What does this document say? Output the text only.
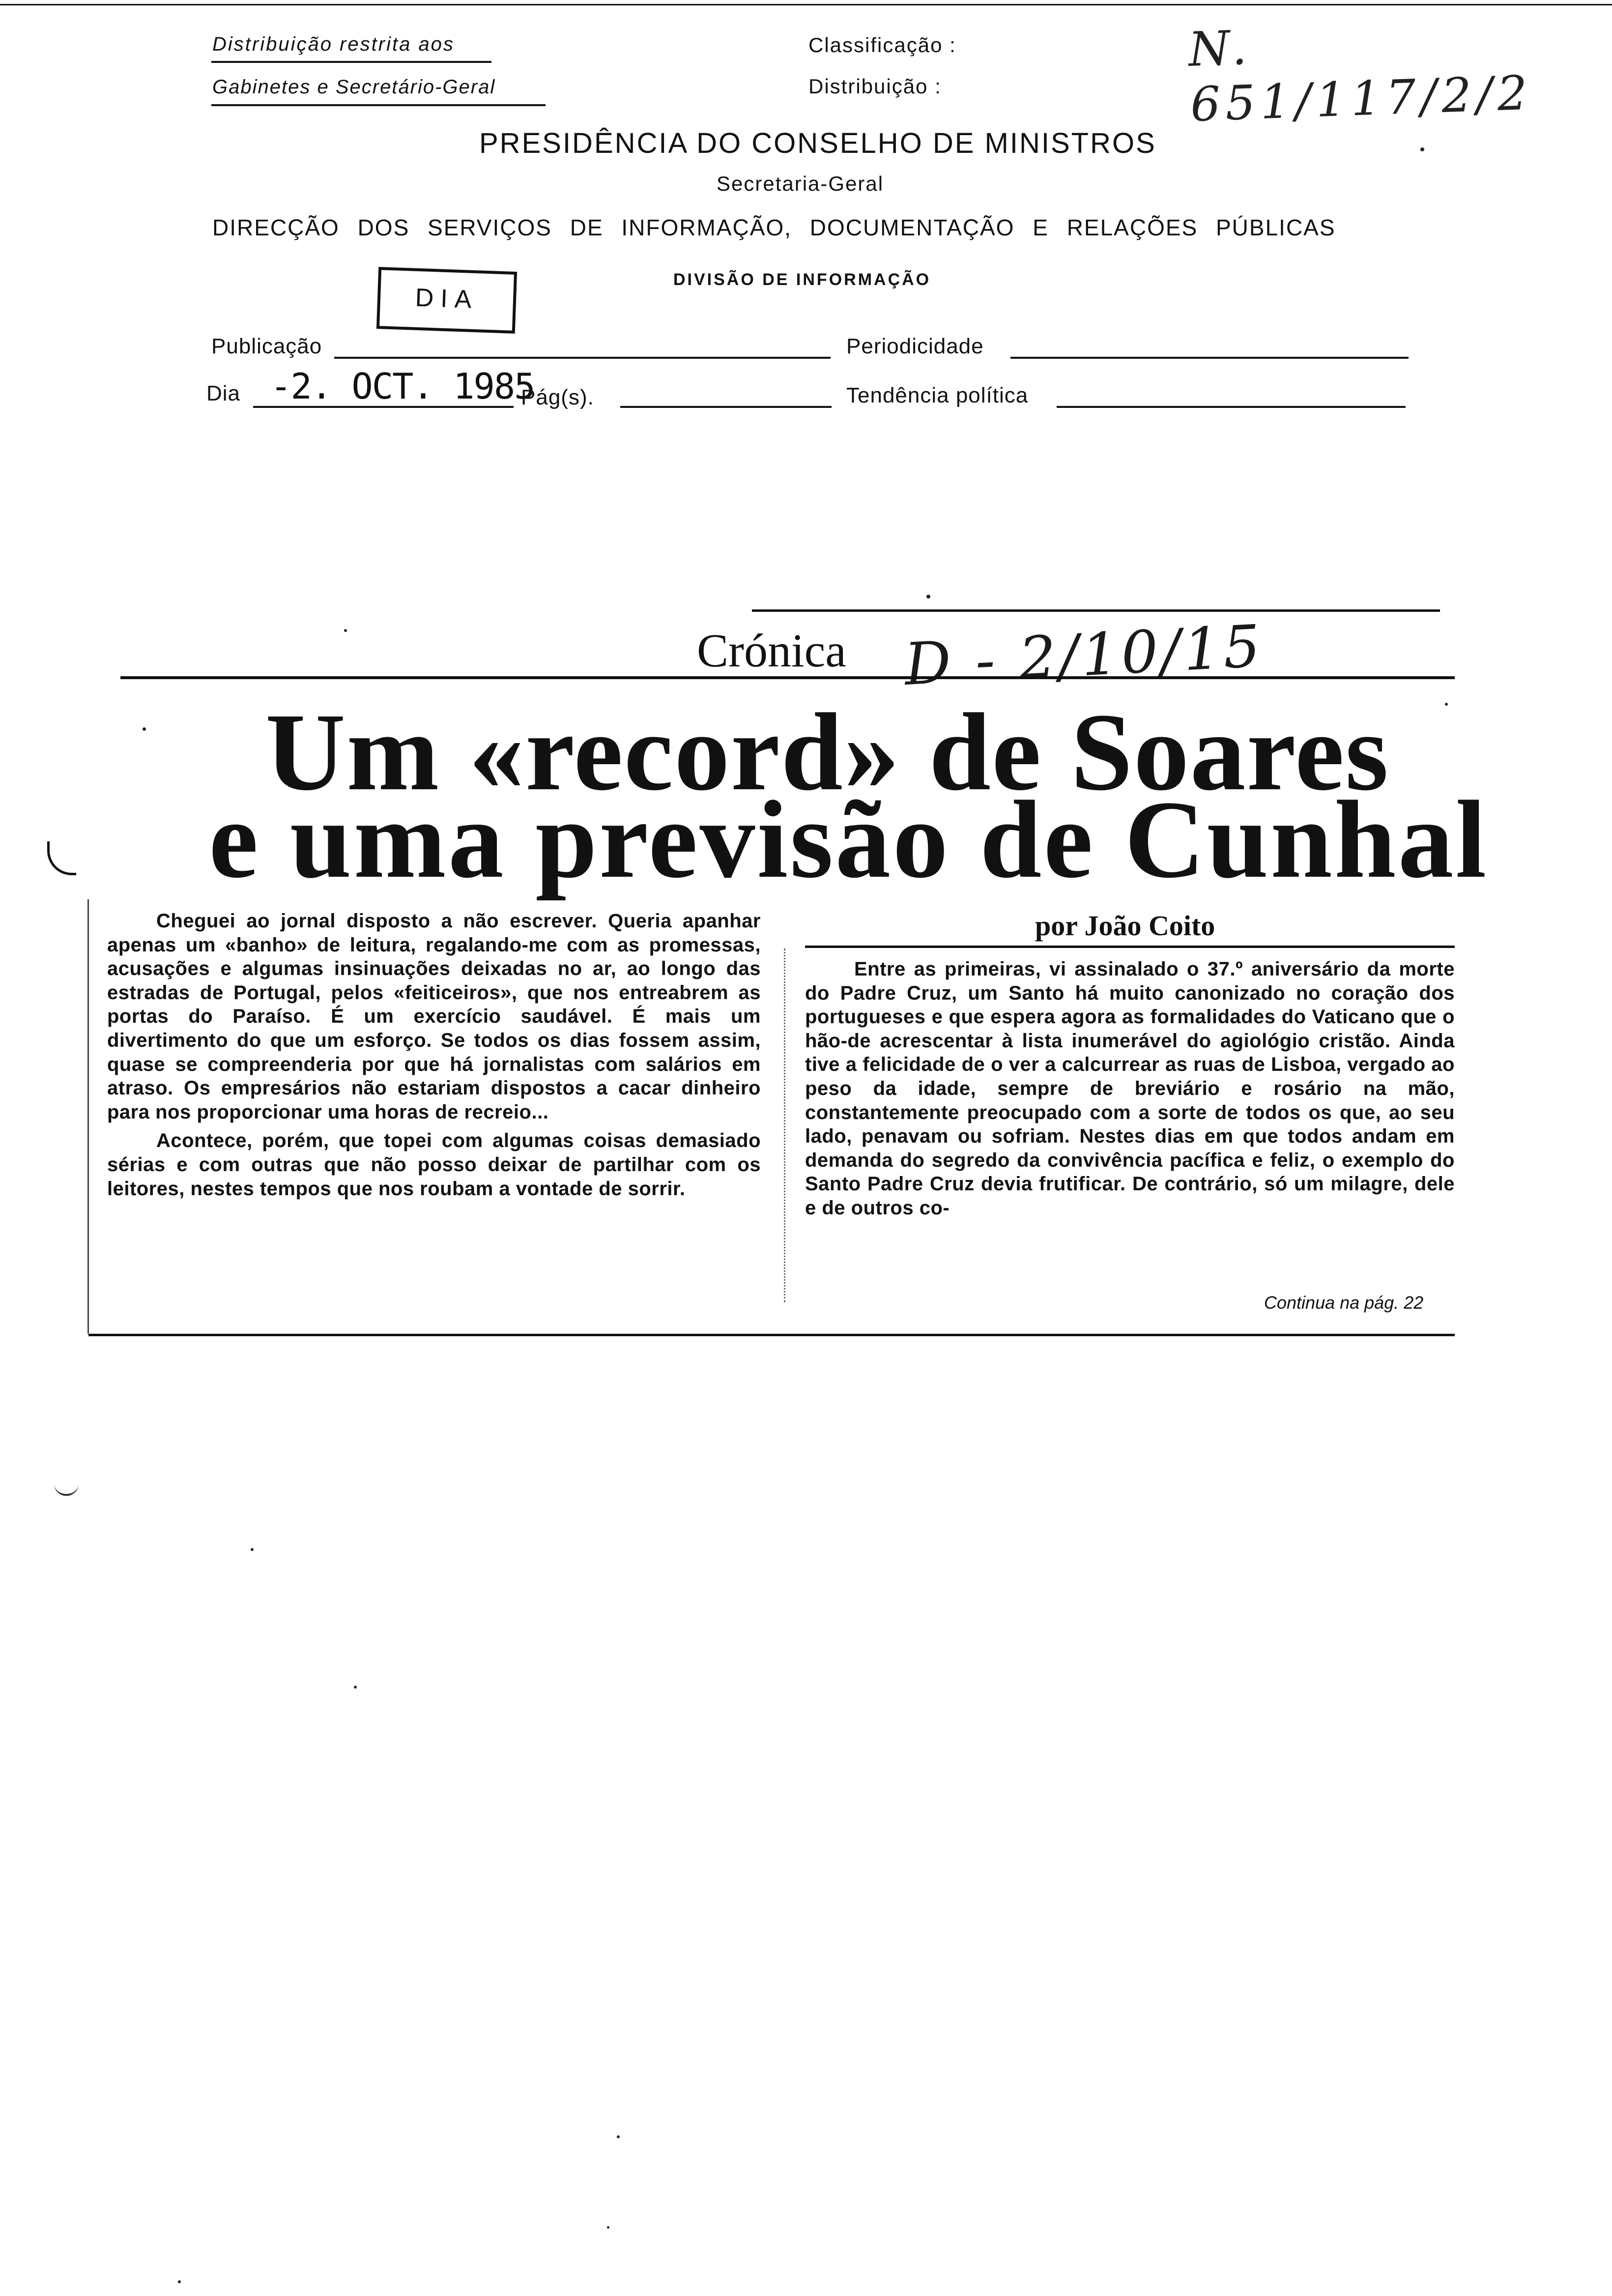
Distribuição restrita aos
Gabinetes e Secretário-Geral
Classificação :
Distribuição :
N. 651/117/2/2
PRESIDÊNCIA DO CONSELHO DE MINISTROS
Secretaria-Geral
DIRECÇÃO DOS SERVIÇOS DE INFORMAÇÃO, DOCUMENTAÇÃO E RELAÇÕES PÚBLICAS
DIVISÃO DE INFORMAÇÃO
DIA
Publicação	Periodicidade
Dia -2. OCT. 1985
Pág(s).	Tendência política
Crónica D - 2/10/15
Um «record» de Soares
e uma previsão de Cunhal
por João Coito

Cheguei ao jornal disposto a não escrever. Queria apanhar apenas um «banho» de leitura, regalando-me com as promessas, acusações e algumas insinuações deixadas no ar, ao longo das estradas de Portugal, pelos «feiticeiros», que nos entreabrem as portas do Paraíso. É um exercício saudável. É mais um divertimento do que um esforço. Se todos os dias fossem assim, quase se compreenderia por que há jornalistas com salários em atraso. Os empresários não estariam dispostos a cacar dinheiro para nos proporcionar uma horas de recreio...

Acontece, porém, que topei com algumas coisas demasiado sérias e com outras que não posso deixar de partilhar com os leitores, nestes tempos que nos roubam a vontade de sorrir.

Entre as primeiras, vi assinalado o 37.º aniversário da morte do Padre Cruz, um Santo há muito canonizado no coração dos portugueses e que espera agora as formalidades do Vaticano que o hão-de acrescentar à lista inumerável do agiológio cristão. Ainda tive a felicidade de o ver a calcurrear as ruas de Lisboa, vergado ao peso da idade, sempre de breviário e rosário na mão, constantemente preocupado com a sorte de todos os que, ao seu lado, penavam ou sofriam. Nestes dias em que todos andam em demanda do segredo da convivência pacífica e feliz, o exemplo do Santo Padre Cruz devia frutificar. De contrário, só um milagre, dele e de outros co-

Continua na pág. 22
